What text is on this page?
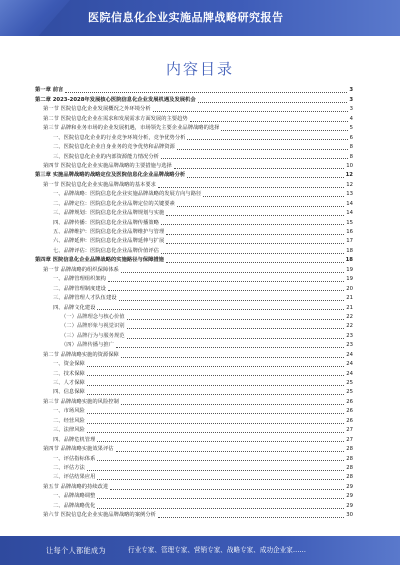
医院信息化企业实施品牌战略研究报告
内容目录
第一章 前言	3
第二章 2023-2028年发展核心医院信息化企业发展机遇及发展机会	3
第一节 医院信息化企业发展概况之外环境分析	3
第二节 医院信息化企业在需求和发展需求方面发展的主要趋势	4
第三节 品牌和业务市场的企业发展机遇，市场领先主要企业品牌战略的选择	5
一、医院信息化企业的行业竞争环境分析，竞争优势分析	6
二、医院信息化企业自身业务的竞争优势和品牌资源	8
三、医院信息化企业的内部资源能力情况分析	8
第四节 医院信息化企业实施品牌战略的主要措施与选择	10
第三章 实施品牌战略的战略定位及医院信息化企业品牌战略分析	12
第一节 医院信息化企业实施品牌战略的基本要求	12
一、品牌战略：医院信息化企业实施品牌战略的发展方向与路径	13
二、品牌定位：医院信息化企业品牌定位的关键要素	14
三、品牌规划：医院信息化企业品牌规划与实施	14
四、品牌传播：医院信息化企业品牌传播策略	15
五、品牌维护：医院信息化企业品牌维护与管理	16
六、品牌延伸：医院信息化企业品牌延伸与扩展	17
七、品牌评估：医院信息化企业品牌价值评估	18
第四章 医院信息化企业品牌战略的实施路径与保障措施	18
第一节 品牌战略的组织保障体系	19
一、品牌管理组织架构	19
二、品牌管理制度建设	20
三、品牌管理人才队伍建设	21
四、品牌文化建设	21
（一）品牌理念与核心价值	22
（二）品牌形象与视觉识别	22
（三）品牌行为与服务规范	23
（四）品牌传播与推广	23
第二节 品牌战略实施的资源保障	24
一、资金保障	24
二、技术保障	24
三、人才保障	25
四、信息保障	25
第三节 品牌战略实施的风险控制	26
一、市场风险	26
二、经营风险	26
三、法律风险	27
四、品牌危机管理	27
第四节 品牌战略实施效果评估	28
一、评估指标体系	28
二、评估方法	28
三、评估结果应用	28
第五节 品牌战略的持续改进	29
一、品牌战略调整	29
二、品牌战略优化	29
第六节 医院信息化企业实施品牌战略的案例分析	30
让每个人都能成为	行业专家、管理专家、营销专家、战略专家、成功企业家……
